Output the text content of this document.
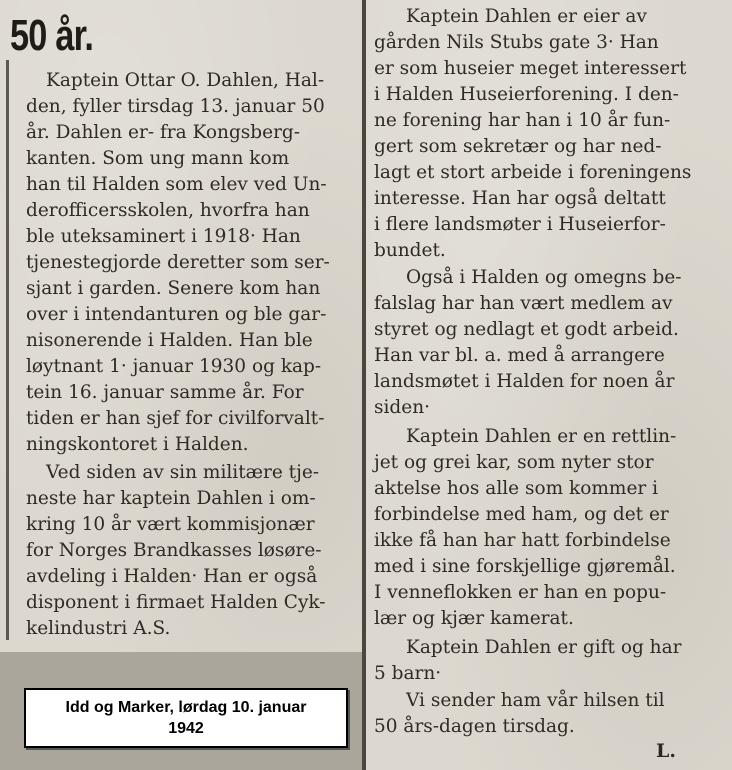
50 år.
Kaptein Ottar O. Dahlen, Hal-
den, fyller tirsdag 13. januar 50
år. Dahlen er- fra Kongsberg-
kanten. Som ung mann kom
han til Halden som elev ved Un-
derofficersskolen, hvorfra han
ble uteksaminert i 1918· Han
tjenestegjorde deretter som ser-
sjant i garden. Senere kom han
over i intendanturen og ble gar-
nisonerende i Halden. Han ble
løytnant 1· januar 1930 og kap-
tein 16. januar samme år. For
tiden er han sjef for civilforvalt-
ningskontoret i Halden.
Ved siden av sin militære tje-
neste har kaptein Dahlen i om-
kring 10 år vært kommisjonær
for Norges Brandkasses løsøre-
avdeling i Halden· Han er også
disponent i firmaet Halden Cyk-
kelindustri A.S.
Kaptein Dahlen er eier av
gården Nils Stubs gate 3· Han
er som huseier meget interessert
i Halden Huseierforening. I den-
ne forening har han i 10 år fun-
gert som sekretær og har ned-
lagt et stort arbeide i foreningens
interesse. Han har også deltatt
i flere landsmøter i Huseierfor-
bundet.
Også i Halden og omegns be-
falslag har han vært medlem av
styret og nedlagt et godt arbeid.
Han var bl. a. med å arrangere
landsmøtet i Halden for noen år
siden·
Kaptein Dahlen er en rettlin-
jet og grei kar, som nyter stor
aktelse hos alle som kommer i
forbindelse med ham, og det er
ikke få han har hatt forbindelse
med i sine forskjellige gjøremål.
I venneflokken er han en popu-
lær og kjær kamerat.
Kaptein Dahlen er gift og har
5 barn·
Vi sender ham vår hilsen til
50 års-dagen tirsdag.
L.
Idd og Marker, lørdag 10. januar
1942
